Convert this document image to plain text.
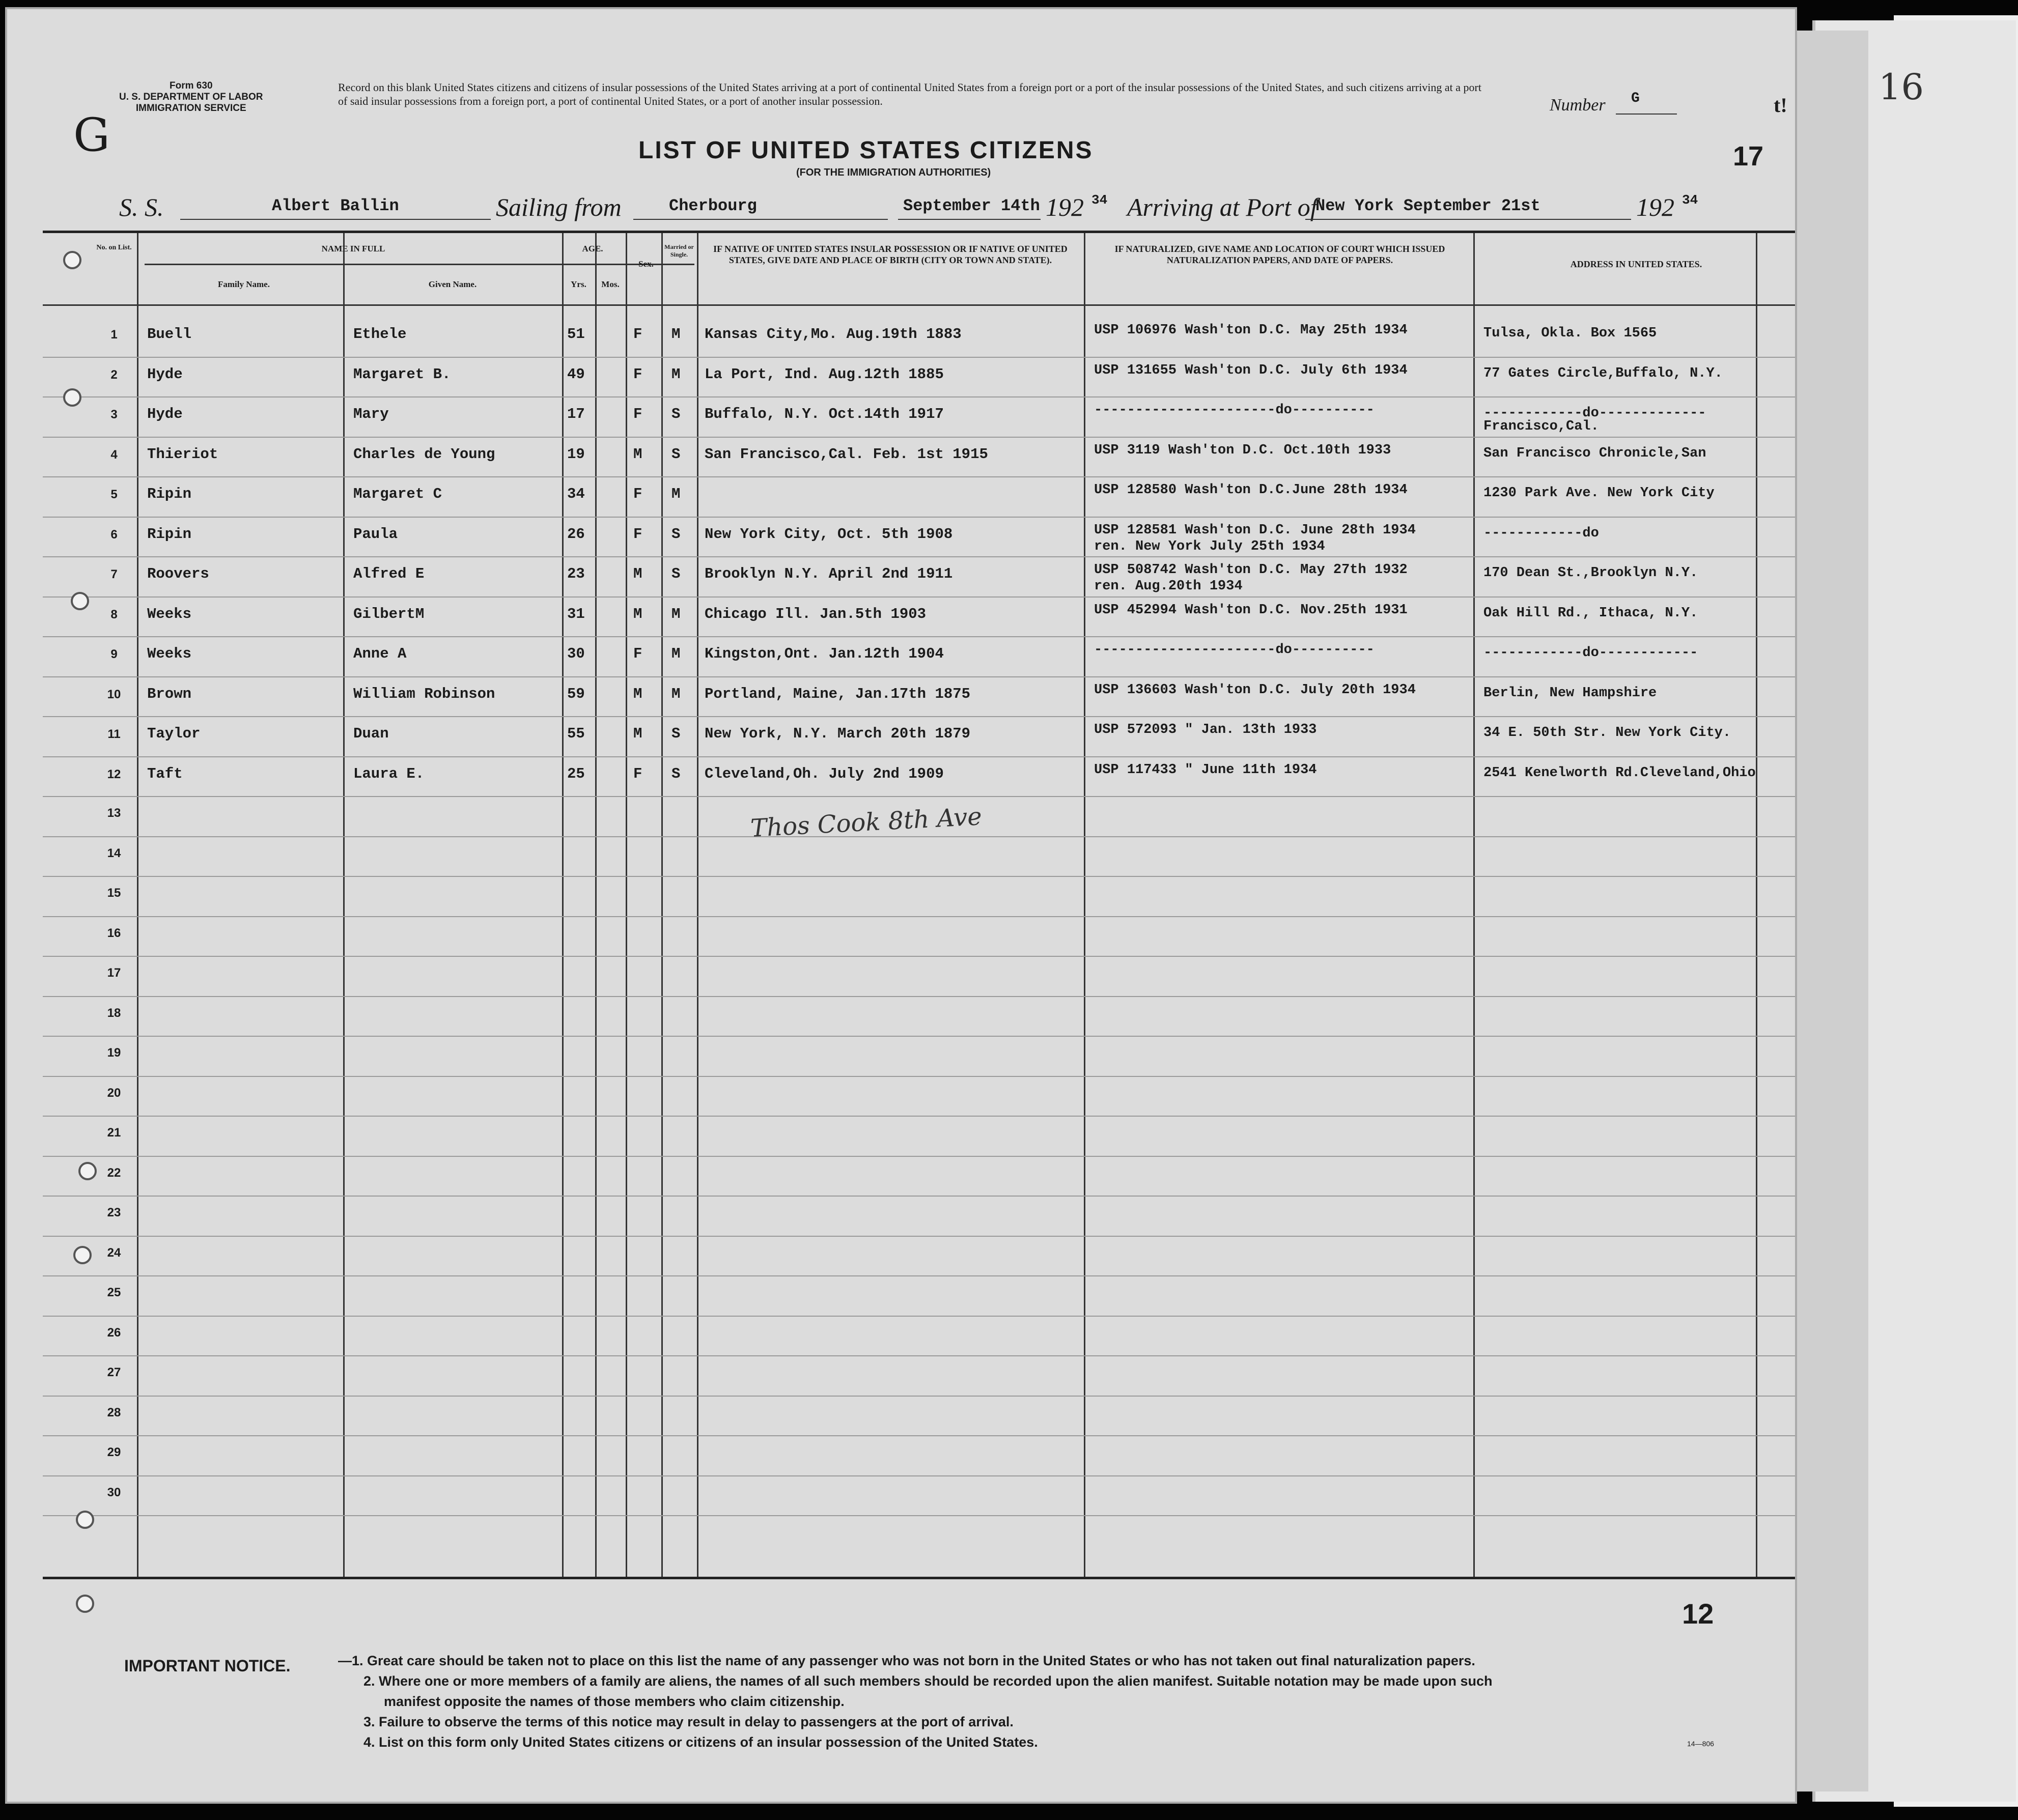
16
Form 630
U. S. DEPARTMENT OF LABOR
IMMIGRATION SERVICE
G
Record on this blank United States citizens and citizens of insular possessions of the United States arriving at a port of continental United States from a foreign port or a port of the insular possessions of the United States, and such citizens arriving at a port of said insular possessions from a foreign port, a port of continental United States, or a port of another insular possession.
LIST OF UNITED STATES CITIZENS
(FOR THE IMMIGRATION AUTHORITIES)
Number G
17
t!
S. S.	Albert Ballin	Sailing from	Cherbourg	September 14th 192 34 Arriving at Port of
New York September 21st	192 34
No. on List.	NAME IN FULL
Family Name.	Given Name.
AGE.
Yrs.	Mos.
Sex.
Married or Single.
IF NATIVE OF UNITED STATES INSULAR POSSESSION OR IF NATIVE OF UNITED STATES, GIVE DATE AND PLACE OF BIRTH (CITY OR TOWN AND STATE).
IF NATURALIZED, GIVE NAME AND LOCATION OF COURT WHICH ISSUED NATURALIZATION PAPERS, AND DATE OF PAPERS.	ADDRESS IN UNITED STATES.
1	Buell	Ethele	51	F M Kansas City,Mo. Aug.19th 1883	USP 106976 Wash'ton D.C. May 25th 1934	Tulsa, Okla. Box 1565
2	Hyde	Margaret B.	49	F M La Port, Ind. Aug.12th 1885	USP 131655 Wash'ton D.C. July 6th 1934	77 Gates Circle,Buffalo, N.Y.
3	Hyde	Mary	17	F S Buffalo, N.Y. Oct.14th 1917	----------------------do----------	------------do-------------
Francisco,Cal.
4	Thieriot	Charles de Young	19	M S San Francisco,Cal. Feb. 1st 1915	USP 3119 Wash'ton D.C. Oct.10th 1933	San Francisco Chronicle,San
5	Ripin	Margaret C	34	F M	USP 128580 Wash'ton D.C.June 28th 1934	1230 Park Ave. New York City
6	Ripin	Paula	26	F S New York City, Oct. 5th 1908	USP 128581 Wash'ton D.C. June 28th 1934
ren. New York July 25th 1934
------------do
7	Roovers	Alfred E	23	M S Brooklyn N.Y. April 2nd 1911	USP 508742 Wash'ton D.C. May 27th 1932
ren. Aug.20th 1934
170 Dean St.,Brooklyn N.Y.
8	Weeks	GilbertM	31	M M Chicago Ill. Jan.5th 1903	USP 452994 Wash'ton D.C. Nov.25th 1931	Oak Hill Rd., Ithaca, N.Y.
9	Weeks	Anne A	30	F M Kingston,Ont. Jan.12th 1904	----------------------do----------	------------do------------
10	Brown	William Robinson	59	M M Portland, Maine, Jan.17th 1875	USP 136603 Wash'ton D.C. July 20th 1934	Berlin, New Hampshire
11	Taylor	Duan	55	M S New York, N.Y. March 20th 1879	USP 572093 " Jan. 13th 1933	34 E. 50th Str. New York City.
12	Taft	Laura E.	25	F S Cleveland,Oh. July 2nd 1909	USP 117433 " June 11th 1934	2541 Kenelworth Rd.Cleveland,Ohio
13
14
15
16
17
18
19
20
21
22
23
24
25
26
27
28
29
30
Thos Cook 8th Ave
12
IMPORTANT NOTICE.	—1. Great care should be taken not to place on this list the name of any passenger who was not born in the United States or who has not taken out final naturalization papers.
2. Where one or more members of a family are aliens, the names of all such members should be recorded upon the alien manifest. Suitable notation may be made upon such
manifest opposite the names of those members who claim citizenship.
3. Failure to observe the terms of this notice may result in delay to passengers at the port of arrival.
4. List on this form only United States citizens or citizens of an insular possession of the United States.	14—806
